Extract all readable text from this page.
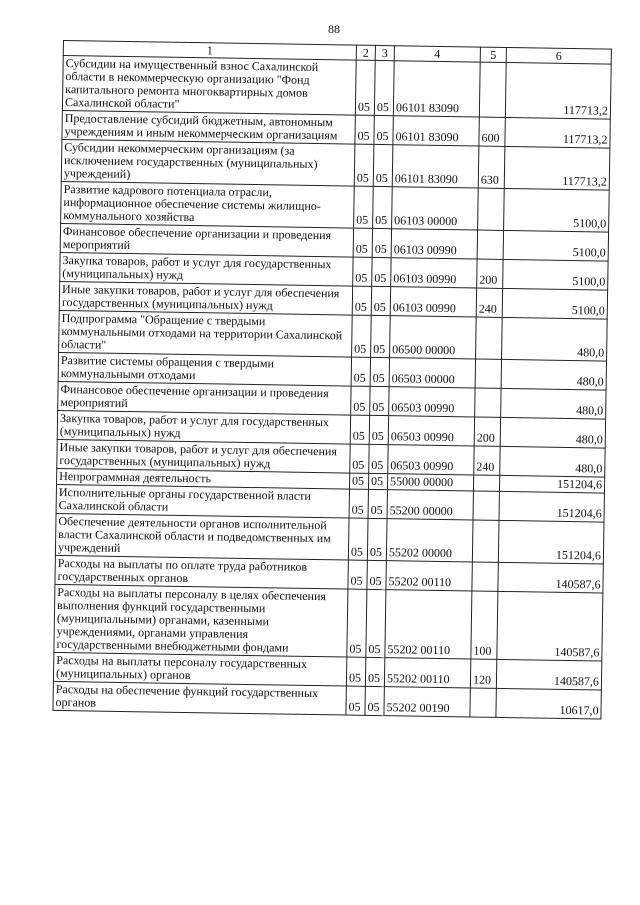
88
1	2	3	4	5	6
Субсидии на имущественный взнос Сахалинской области в некоммерческую организацию "Фонд капитального ремонта многоквартирных домов Сахалинской области"	05	05	06101 83090		117713,2
Предоставление субсидий бюджетным, автономным учреждениям и иным некоммерческим организациям	05	05	06101 83090	600	117713,2
Субсидии некоммерческим организациям (за исключением государственных (муниципальных) учреждений)	05	05	06101 83090	630	117713,2
Развитие кадрового потенциала отрасли, информационное обеспечение системы жилищно-коммунального хозяйства	05	05	06103 00000		5100,0
Финансовое обеспечение организации и проведения мероприятий	05	05	06103 00990		5100,0
Закупка товаров, работ и услуг для государственных (муниципальных) нужд	05	05	06103 00990	200	5100,0
Иные закупки товаров, работ и услуг для обеспечения государственных (муниципальных) нужд	05	05	06103 00990	240	5100,0
Подпрограмма "Обращение с твердыми коммунальными отходами на территории Сахалинской области"	05	05	06500 00000		480,0
Развитие системы обращения с твердыми коммунальными отходами	05	05	06503 00000		480,0
Финансовое обеспечение организации и проведения мероприятий	05	05	06503 00990		480,0
Закупка товаров, работ и услуг для государственных (муниципальных) нужд	05	05	06503 00990	200	480,0
Иные закупки товаров, работ и услуг для обеспечения государственных (муниципальных) нужд	05	05	06503 00990	240	480,0
Непрограммная деятельность	05	05	55000 00000		151204,6
Исполнительные органы государственной власти Сахалинской области	05	05	55200 00000		151204,6
Обеспечение деятельности органов исполнительной власти Сахалинской области и подведомственных им учреждений	05	05	55202 00000		151204,6
Расходы на выплаты по оплате труда работников государственных органов	05	05	55202 00110		140587,6
Расходы на выплаты персоналу в целях обеспечения выполнения функций государственными (муниципальными) органами, казенными учреждениями, органами управления государственными внебюджетными фондами	05	05	55202 00110	100	140587,6
Расходы на выплаты персоналу государственных (муниципальных) органов	05	05	55202 00110	120	140587,6
Расходы на обеспечение функций государственных органов	05	05	55202 00190		10617,0
